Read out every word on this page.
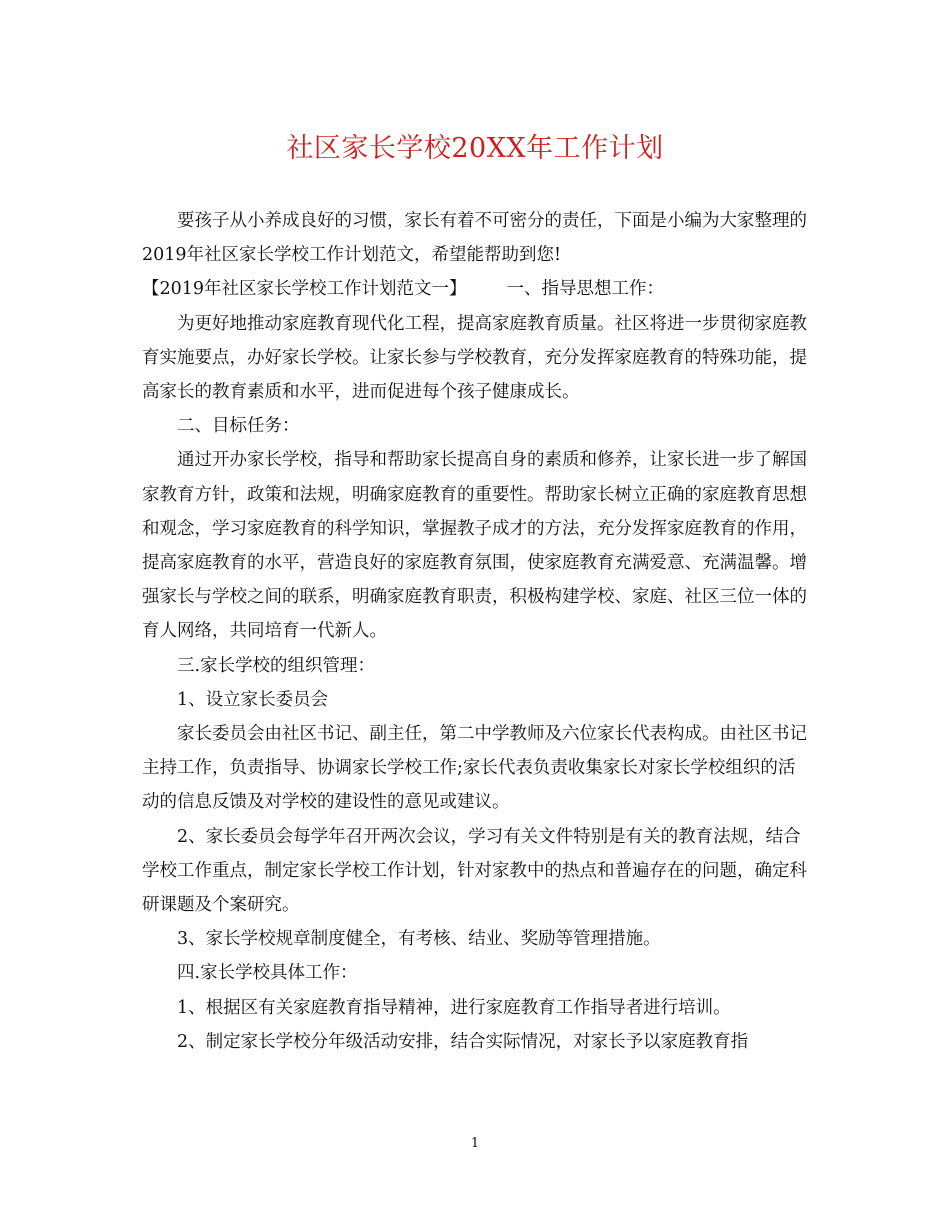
社区家长学校20XX年工作计划

要孩子从小养成良好的习惯，家长有着不可密分的责任，下面是小编为大家整理的2019年社区家长学校工作计划范文，希望能帮助到您!

【2019年社区家长学校工作计划范文一】 一、指导思想工作：

为更好地推动家庭教育现代化工程，提高家庭教育质量。社区将进一步贯彻家庭教育实施要点，办好家长学校。让家长参与学校教育，充分发挥家庭教育的特殊功能，提高家长的教育素质和水平，进而促进每个孩子健康成长。

二、目标任务：

通过开办家长学校，指导和帮助家长提高自身的素质和修养，让家长进一步了解国家教育方针，政策和法规，明确家庭教育的重要性。帮助家长树立正确的家庭教育思想和观念，学习家庭教育的科学知识，掌握教子成才的方法，充分发挥家庭教育的作用，提高家庭教育的水平，营造良好的家庭教育氛围，使家庭教育充满爱意、充满温馨。增强家长与学校之间的联系，明确家庭教育职责，积极构建学校、家庭、社区三位一体的育人网络，共同培育一代新人。

三.家长学校的组织管理：

1、设立家长委员会

家长委员会由社区书记、副主任，第二中学教师及六位家长代表构成。由社区书记主持工作，负责指导、协调家长学校工作;家长代表负责收集家长对家长学校组织的活动的信息反馈及对学校的建设性的意见或建议。

2、家长委员会每学年召开两次会议，学习有关文件特别是有关的教育法规，结合学校工作重点，制定家长学校工作计划，针对家教中的热点和普遍存在的问题，确定科研课题及个案研究。

3、家长学校规章制度健全，有考核、结业、奖励等管理措施。

四.家长学校具体工作：

1、根据区有关家庭教育指导精神，进行家庭教育工作指导者进行培训。

2、制定家长学校分年级活动安排，结合实际情况，对家长予以家庭教育指

1
